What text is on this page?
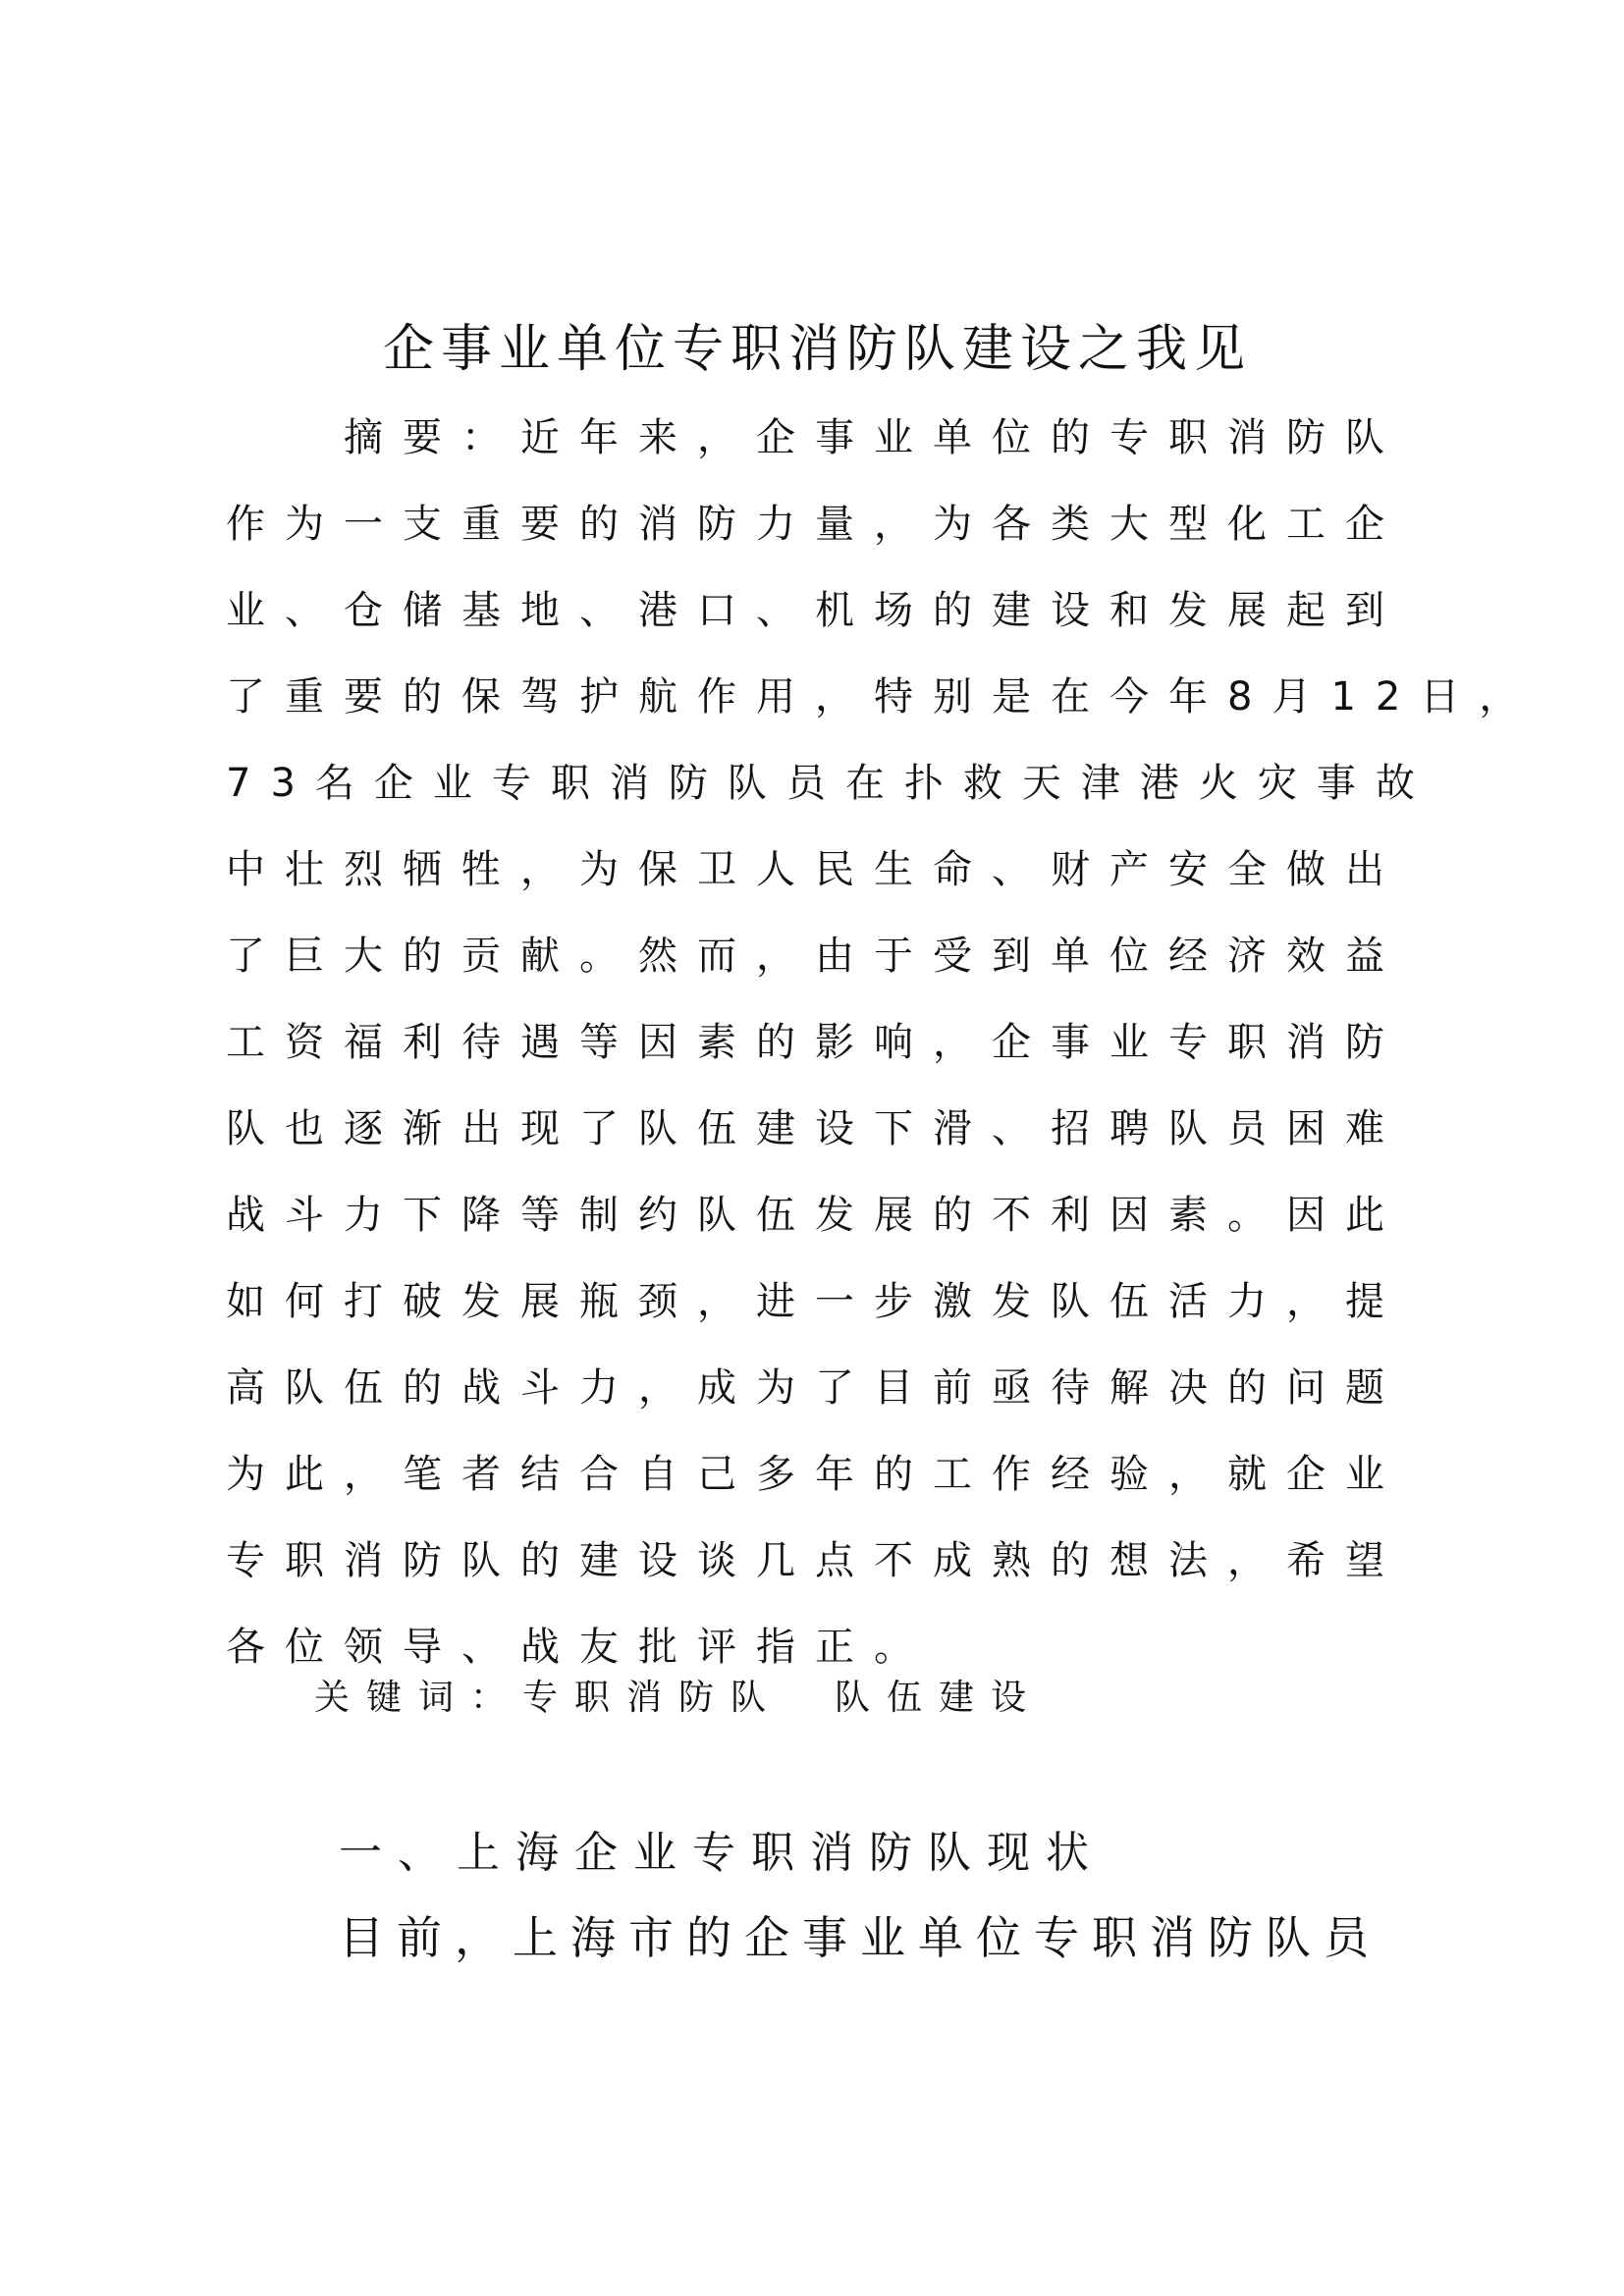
企事业单位专职消防队建设之我见

摘要：近年来，企事业单位的专职消防队

作为一支重要的消防力量，为各类大型化工企

业、仓储基地、港口、机场的建设和发展起到

了重要的保驾护航作用，特别是在今年8月12日，

73名企业专职消防队员在扑救天津港火灾事故

中壮烈牺牲，为保卫人民生命、财产安全做出

了巨大的贡献。然而，由于受到单位经济效益

工资福利待遇等因素的影响，企事业专职消防

队也逐渐出现了队伍建设下滑、招聘队员困难

战斗力下降等制约队伍发展的不利因素。因此

如何打破发展瓶颈，进一步激发队伍活力，提

高队伍的战斗力，成为了目前亟待解决的问题

为此，笔者结合自己多年的工作经验，就企业

专职消防队的建设谈几点不成熟的想法，希望

各位领导、战友批评指正。

关键词：专职消防队　队伍建设
一、上海企业专职消防队现状

目前，上海市的企事业单位专职消防队员
